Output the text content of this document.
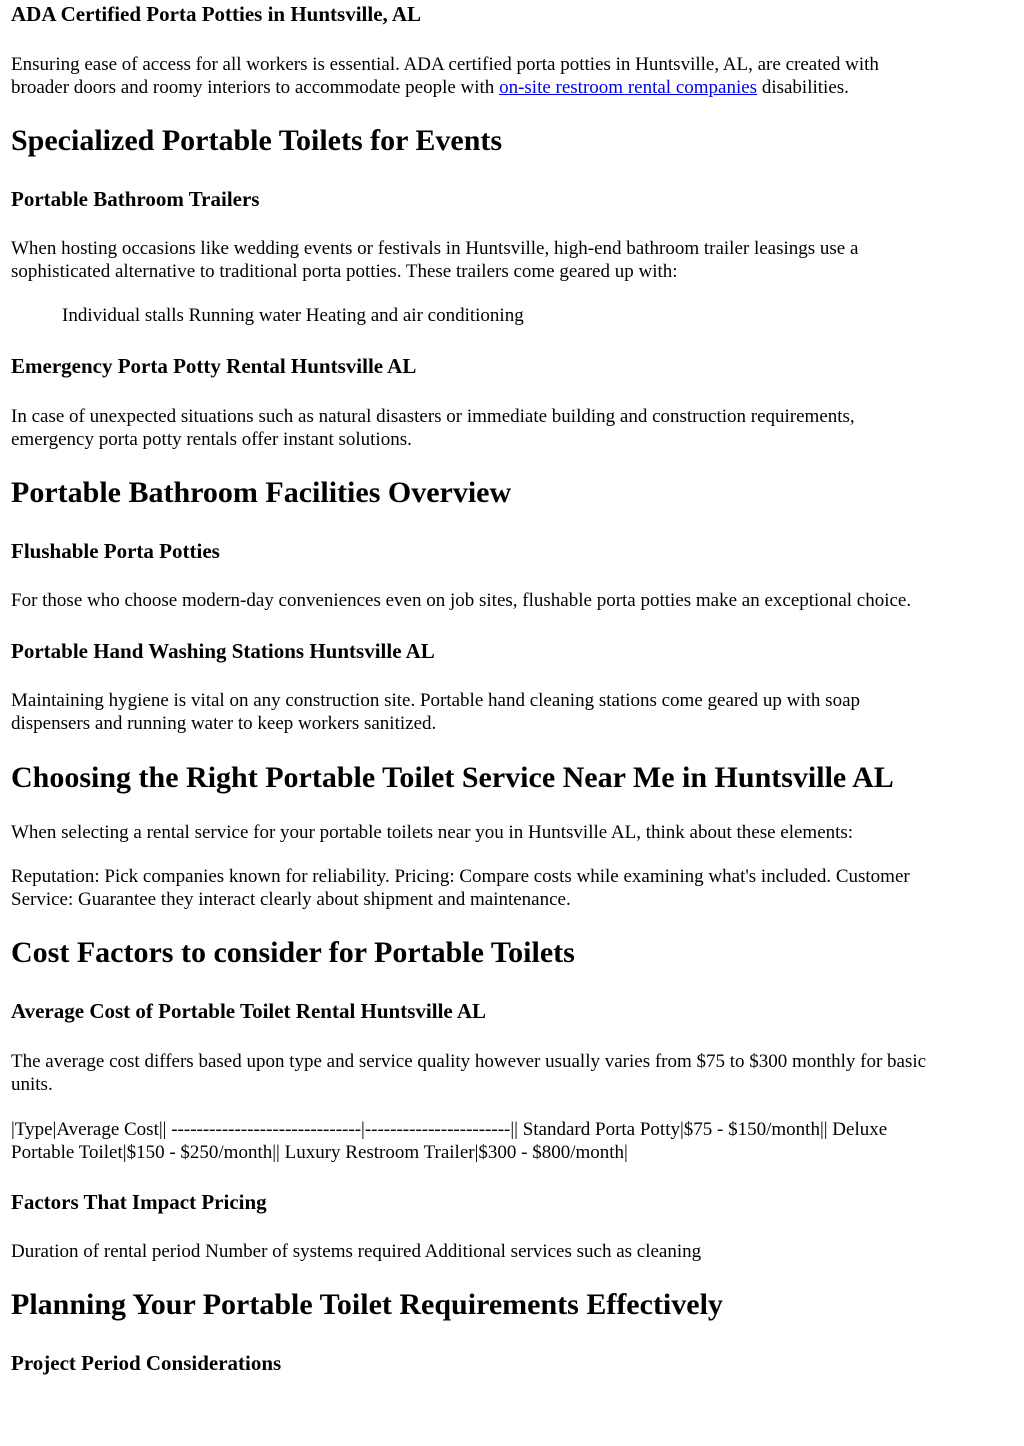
ADA Certified Porta Potties in Huntsville, AL

Ensuring ease of access for all workers is essential. ADA certified porta potties in Huntsville, AL, are created with

broader doors and roomy interiors to accommodate people with on-site restroom rental companies disabilities.

Specialized Portable Toilets for Events
Portable Bathroom Trailers

When hosting occasions like wedding events or festivals in Huntsville, high-end bathroom trailer leasings use a

sophisticated alternative to traditional porta potties. These trailers come geared up with:

Individual stalls Running water Heating and air conditioning

Emergency Porta Potty Rental Huntsville AL

In case of unexpected situations such as natural disasters or immediate building and construction requirements,

emergency porta potty rentals offer instant solutions.

Portable Bathroom Facilities Overview
Flushable Porta Potties

For those who choose modern-day conveniences even on job sites, flushable porta potties make an exceptional choice.

Portable Hand Washing Stations Huntsville AL

Maintaining hygiene is vital on any construction site. Portable hand cleaning stations come geared up with soap

dispensers and running water to keep workers sanitized.

Choosing the Right Portable Toilet Service Near Me in Huntsville AL

When selecting a rental service for your portable toilets near you in Huntsville AL, think about these elements:

Reputation: Pick companies known for reliability. Pricing: Compare costs while examining what's included. Customer

Service: Guarantee they interact clearly about shipment and maintenance.

Cost Factors to consider for Portable Toilets
Average Cost of Portable Toilet Rental Huntsville AL

The average cost differs based upon type and service quality however usually varies from $75 to $300 monthly for basic

units.

|Type|Average Cost|| ------------------------------|-----------------------|| Standard Porta Potty|$75 - $150/month|| Deluxe

Portable Toilet|$150 - $250/month|| Luxury Restroom Trailer|$300 - $800/month|

Factors That Impact Pricing

Duration of rental period Number of systems required Additional services such as cleaning

Planning Your Portable Toilet Requirements Effectively
Project Period Considerations
